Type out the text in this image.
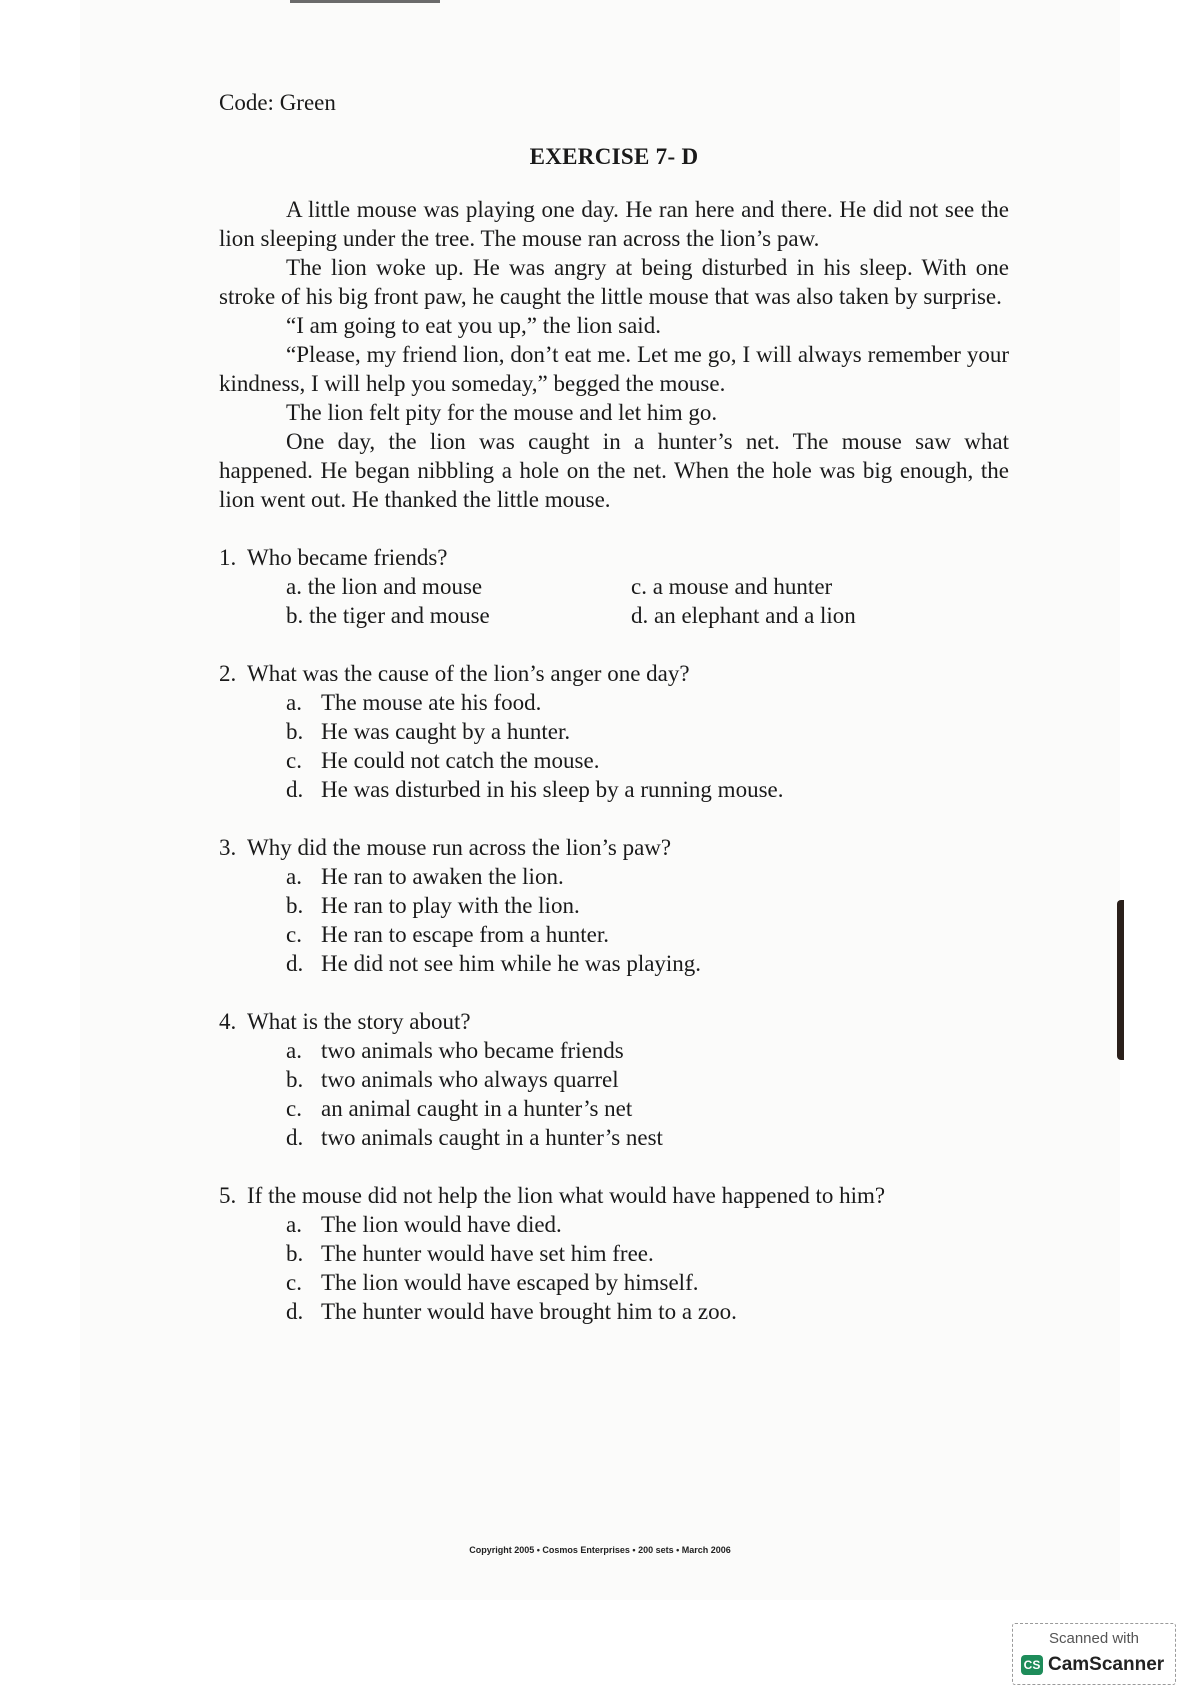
Code: Green

EXERCISE 7- D

A little mouse was playing one day. He ran here and there. He did not see the lion sleeping under the tree. The mouse ran across the lion’s paw.

The lion woke up. He was angry at being disturbed in his sleep. With one stroke of his big front paw, he caught the little mouse that was also taken by surprise.

“I am going to eat you up,” the lion said.

“Please, my friend lion, don’t eat me. Let me go, I will always remember your kindness, I will help you someday,” begged the mouse.

The lion felt pity for the mouse and let him go.

One day, the lion was caught in a hunter’s net. The mouse saw what happened. He began nibbling a hole on the net. When the hole was big enough, the lion went out. He thanked the little mouse.

1. Who became friends?
a.
the lion and mouse	c.
a mouse and hunter
b.
the tiger and mouse	d.
an elephant and a lion
2. What was the cause of the lion’s anger one day?
a. The mouse ate his food.
b. He was caught by a hunter.
c. He could not catch the mouse.
d. He was disturbed in his sleep by a running mouse.
3. Why did the mouse run across the lion’s paw?
a. He ran to awaken the lion.
b. He ran to play with the lion.
c. He ran to escape from a hunter.
d. He did not see him while he was playing.
4. What is the story about?
a. two animals who became friends
b. two animals who always quarrel
c. an animal caught in a hunter’s net
d. two animals caught in a hunter’s nest
5. If the mouse did not help the lion what would have happened to him?
a. The lion would have died.
b. The hunter would have set him free.
c. The lion would have escaped by himself.
d. The hunter would have brought him to a zoo.
Copyright 2005 • Cosmos Enterprises • 200 sets • March 2006
Scanned with
CS CamScanner
